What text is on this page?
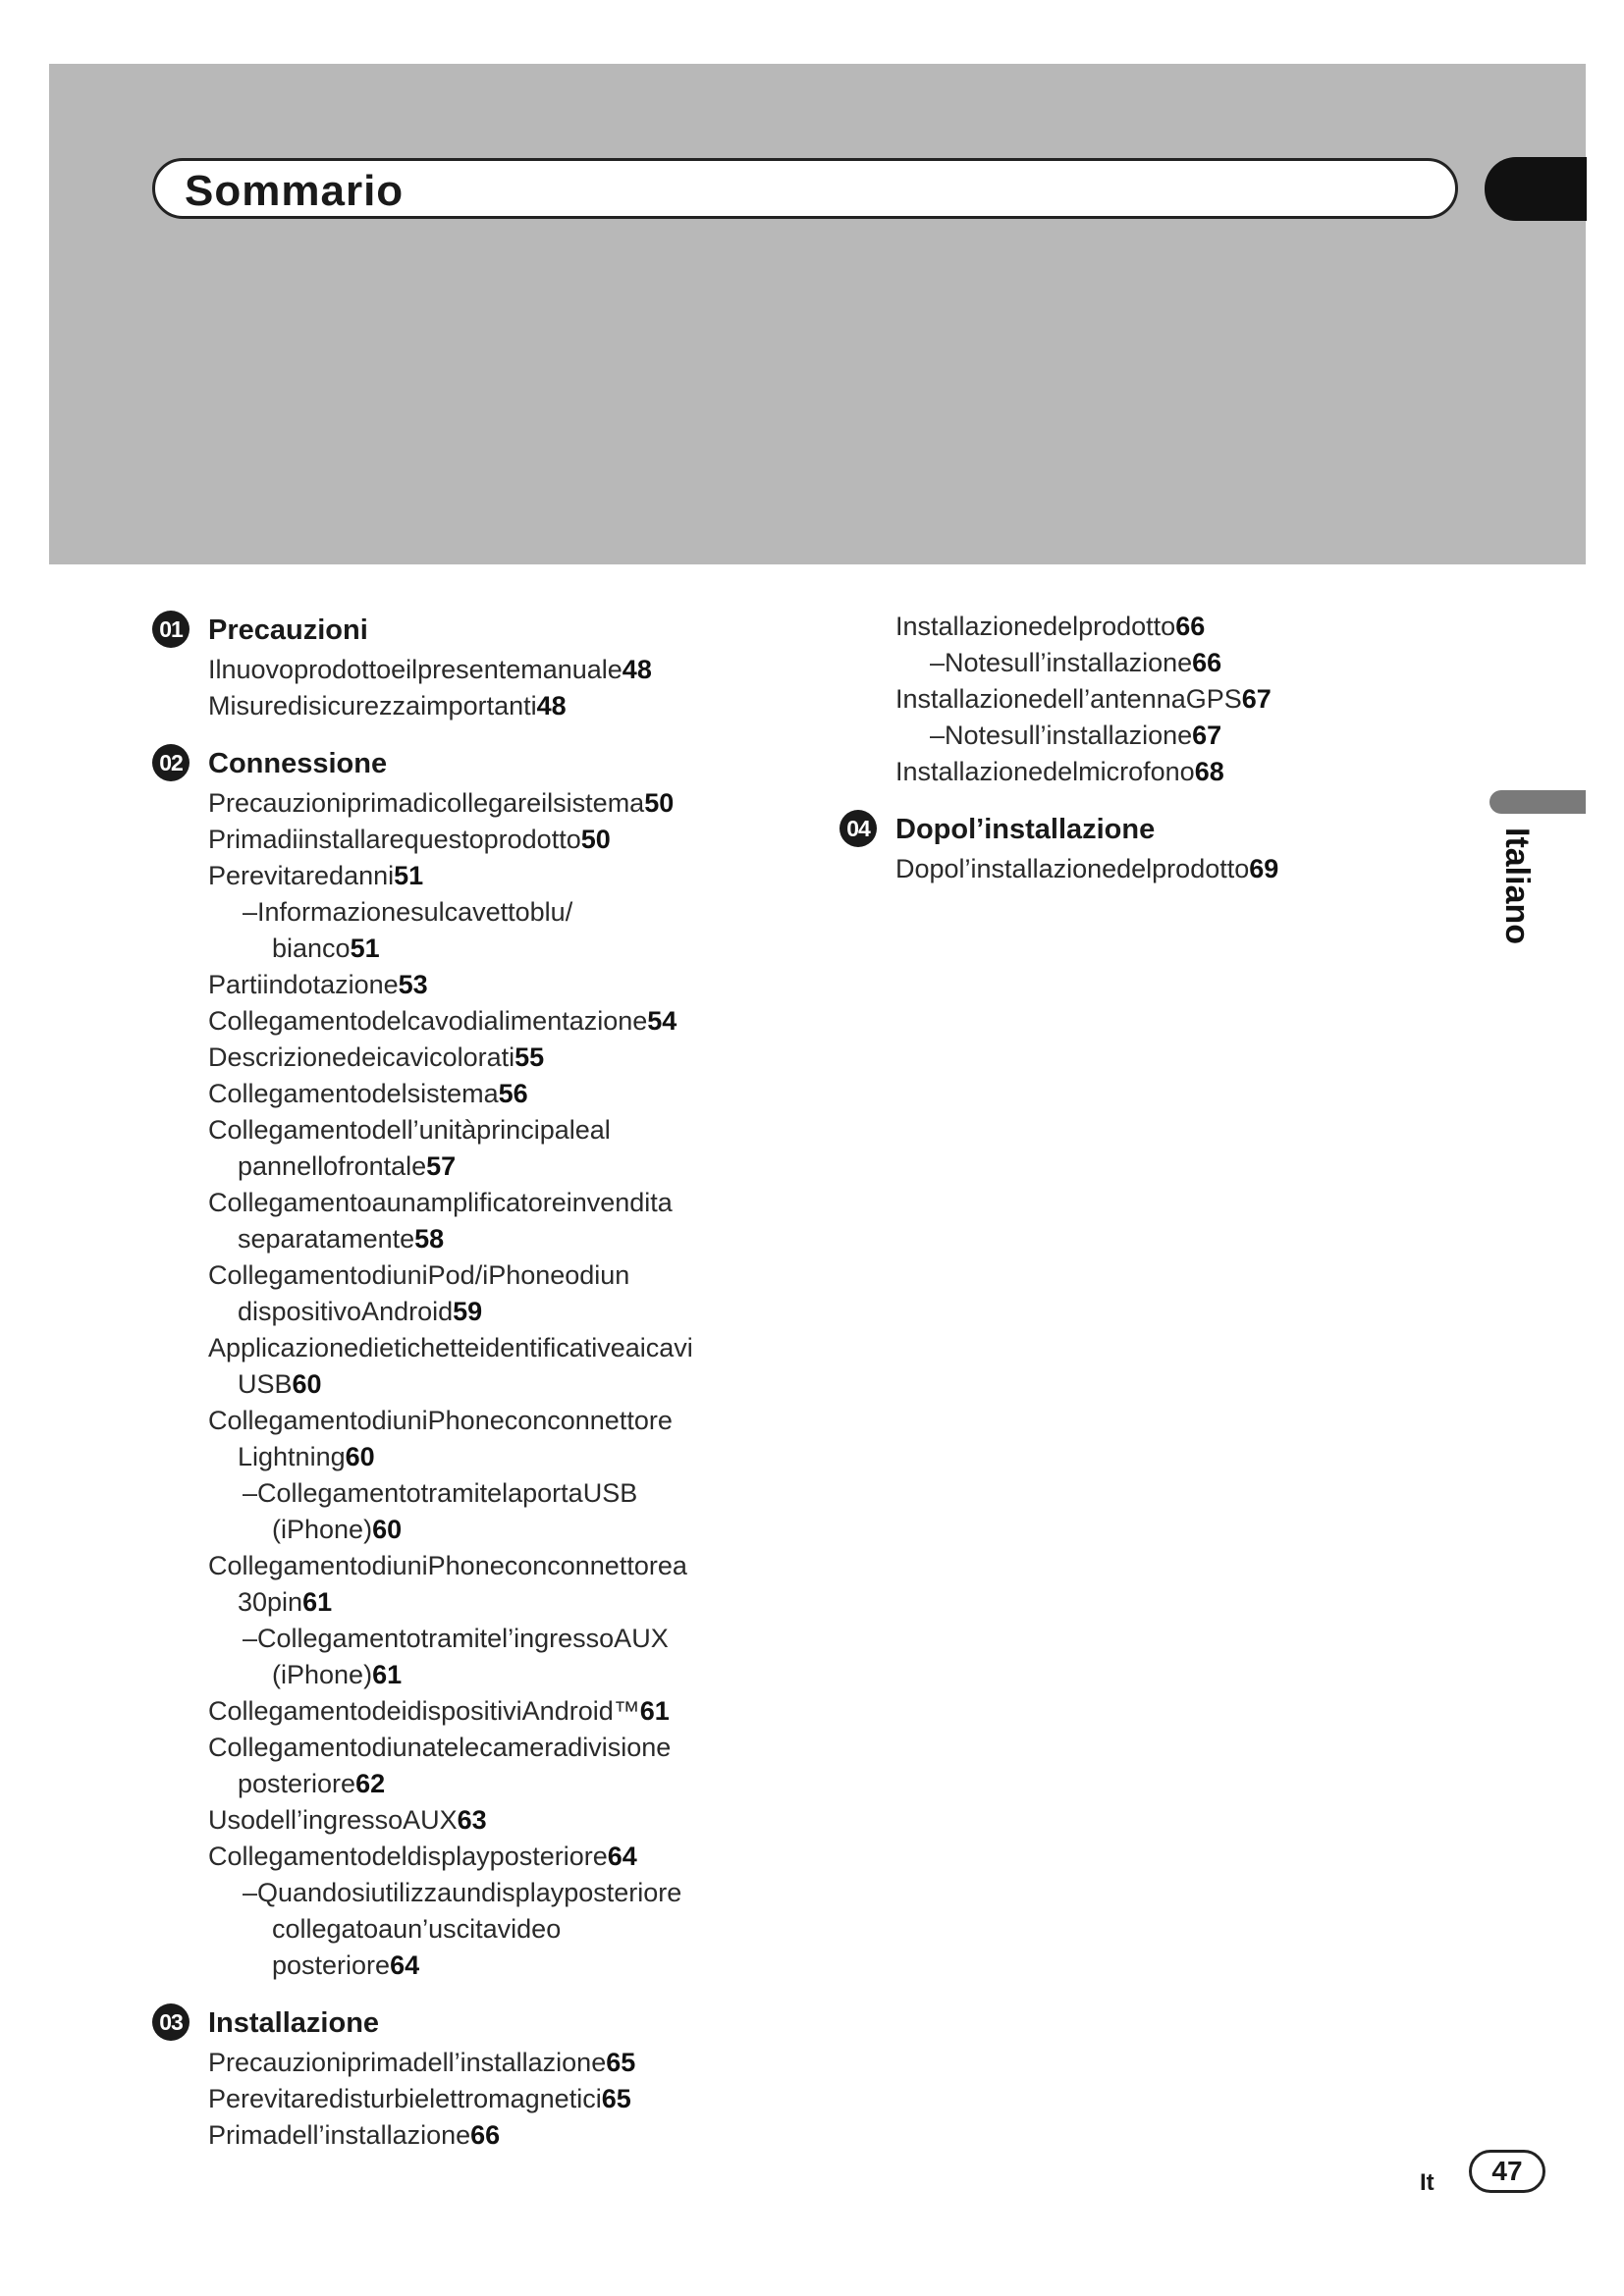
Sommario
01 Precauzioni
Ilnuovoprodottoeilpresentemanuale48
Misuredisicurezzaimportanti48
02 Connessione
Precauzioniprimadicollegareilsistema50
Primadiinstallarequestoprodotto50
Perevitaredanni51
–Informazionesulcavettoblu/
bianco51
Partiindotazione53
Collegamentodelcavodialimentazione54
Descrizionedeicavicolorati55
Collegamentodelsistema56
Collegamentodell’unitàprincipaleal
pannellofrontale57
Collegamentoaunamplificatoreinvendita
separatamente58
CollegamentodiuniPod/iPhoneodiun
dispositivoAndroid59
Applicazionedietichetteidentificativeaicavi
USB60
CollegamentodiuniPhoneconconnettore
Lightning60
–CollegamentotramitelaportaUSB
(iPhone)60
CollegamentodiuniPhoneconconnettorea
30pin61
–Collegamentotramitel’ingressoAUX
(iPhone)61
CollegamentodeidispositiviAndroid™61
Collegamentodiunatelecameradivisione
posteriore62
Usodell’ingressoAUX63
Collegamentodeldisplayposteriore64
–Quandosiutilizzaundisplayposteriore
collegatoaun’uscitavideo
posteriore64
03 Installazione
Precauzioniprimadell’installazione65
Perevitaredisturbielettromagnetici65
Primadell’installazione66
Installazionedelprodotto66
–Notesull’installazione66
Installazionedell’antennaGPS67
–Notesull’installazione67
Installazionedelmicrofono68
04 Dopol’installazione
Dopol’installazionedelprodotto69	Italiano
It	47
